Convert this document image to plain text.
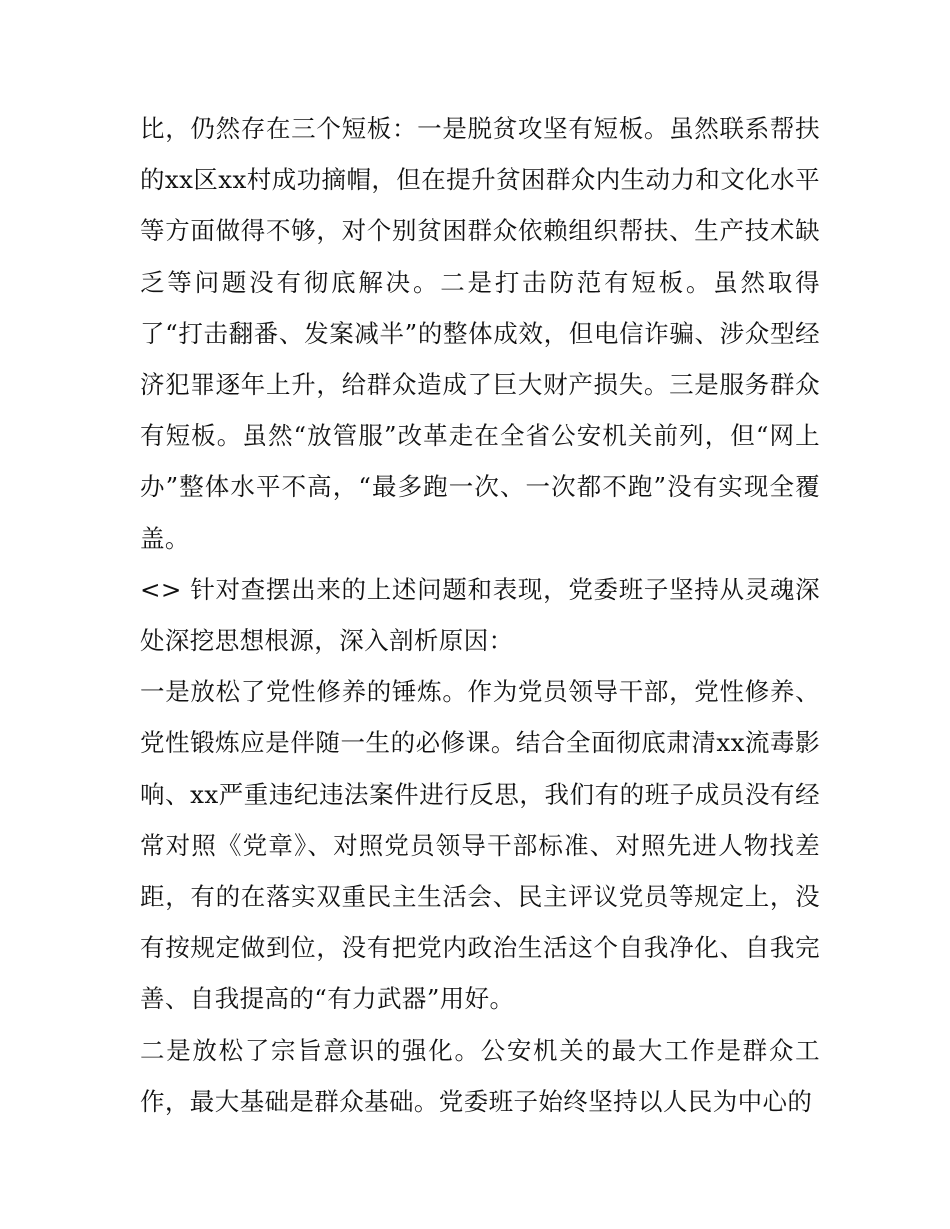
比，仍然存在三个短板：一是脱贫攻坚有短板。虽然联系帮扶的xx区xx村成功摘帽，但在提升贫困群众内生动力和文化水平等方面做得不够，对个别贫困群众依赖组织帮扶、生产技术缺乏等问题没有彻底解决。二是打击防范有短板。虽然取得了“打击翻番、发案减半”的整体成效，但电信诈骗、涉众型经济犯罪逐年上升，给群众造成了巨大财产损失。三是服务群众有短板。虽然“放管服”改革走在全省公安机关前列，但“网上办”整体水平不高，“最多跑一次、一次都不跑”没有实现全覆盖。

<> 针对查摆出来的上述问题和表现，党委班子坚持从灵魂深处深挖思想根源，深入剖析原因：

一是放松了党性修养的锤炼。作为党员领导干部，党性修养、党性锻炼应是伴随一生的必修课。结合全面彻底肃清xx流毒影响、xx严重违纪违法案件进行反思，我们有的班子成员没有经常对照《党章》、对照党员领导干部标准、对照先进人物找差距，有的在落实双重民主生活会、民主评议党员等规定上，没有按规定做到位，没有把党内政治生活这个自我净化、自我完善、自我提高的“有力武器”用好。

二是放松了宗旨意识的强化。公安机关的最大工作是群众工作，最大基础是群众基础。党委班子始终坚持以人民为中心的
